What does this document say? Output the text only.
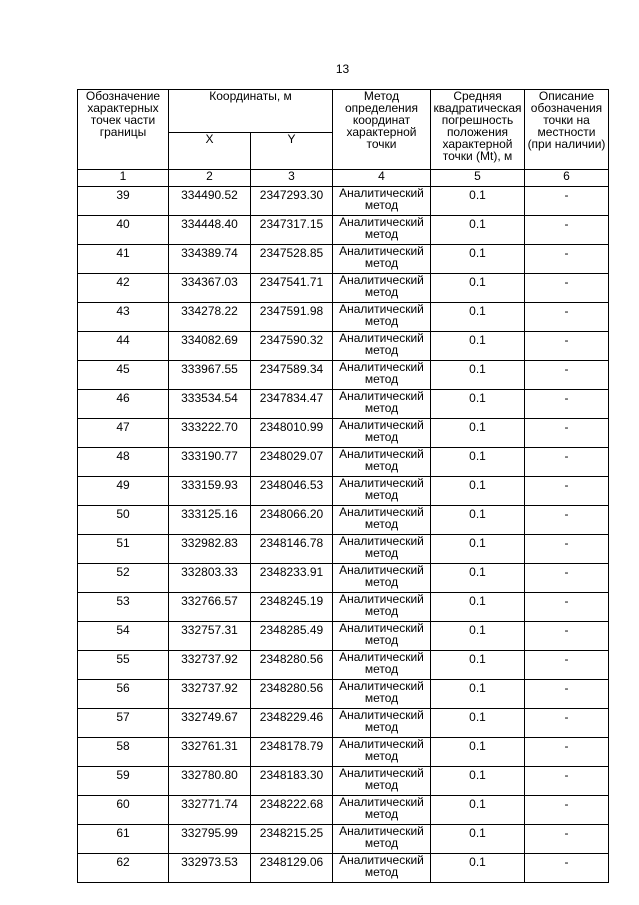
13
Обозначение характерных точек части границы	Координаты, м		Метод определения координат характерной точки	Средняя квадратическая погрешность положения характерной точки (Mt), м	Описание обозначения точки на местности (при наличии)
	X	Y			
1	2	3	4	5	6
39	334490.52	2347293.30	Аналитический метод	0.1	-
40	334448.40	2347317.15	Аналитический метод	0.1	-
41	334389.74	2347528.85	Аналитический метод	0.1	-
42	334367.03	2347541.71	Аналитический метод	0.1	-
43	334278.22	2347591.98	Аналитический метод	0.1	-
44	334082.69	2347590.32	Аналитический метод	0.1	-
45	333967.55	2347589.34	Аналитический метод	0.1	-
46	333534.54	2347834.47	Аналитический метод	0.1	-
47	333222.70	2348010.99	Аналитический метод	0.1	-
48	333190.77	2348029.07	Аналитический метод	0.1	-
49	333159.93	2348046.53	Аналитический метод	0.1	-
50	333125.16	2348066.20	Аналитический метод	0.1	-
51	332982.83	2348146.78	Аналитический метод	0.1	-
52	332803.33	2348233.91	Аналитический метод	0.1	-
53	332766.57	2348245.19	Аналитический метод	0.1	-
54	332757.31	2348285.49	Аналитический метод	0.1	-
55	332737.92	2348280.56	Аналитический метод	0.1	-
56	332737.92	2348280.56	Аналитический метод	0.1	-
57	332749.67	2348229.46	Аналитический метод	0.1	-
58	332761.31	2348178.79	Аналитический метод	0.1	-
59	332780.80	2348183.30	Аналитический метод	0.1	-
60	332771.74	2348222.68	Аналитический метод	0.1	-
61	332795.99	2348215.25	Аналитический метод	0.1	-
62	332973.53	2348129.06	Аналитический метод	0.1	-
